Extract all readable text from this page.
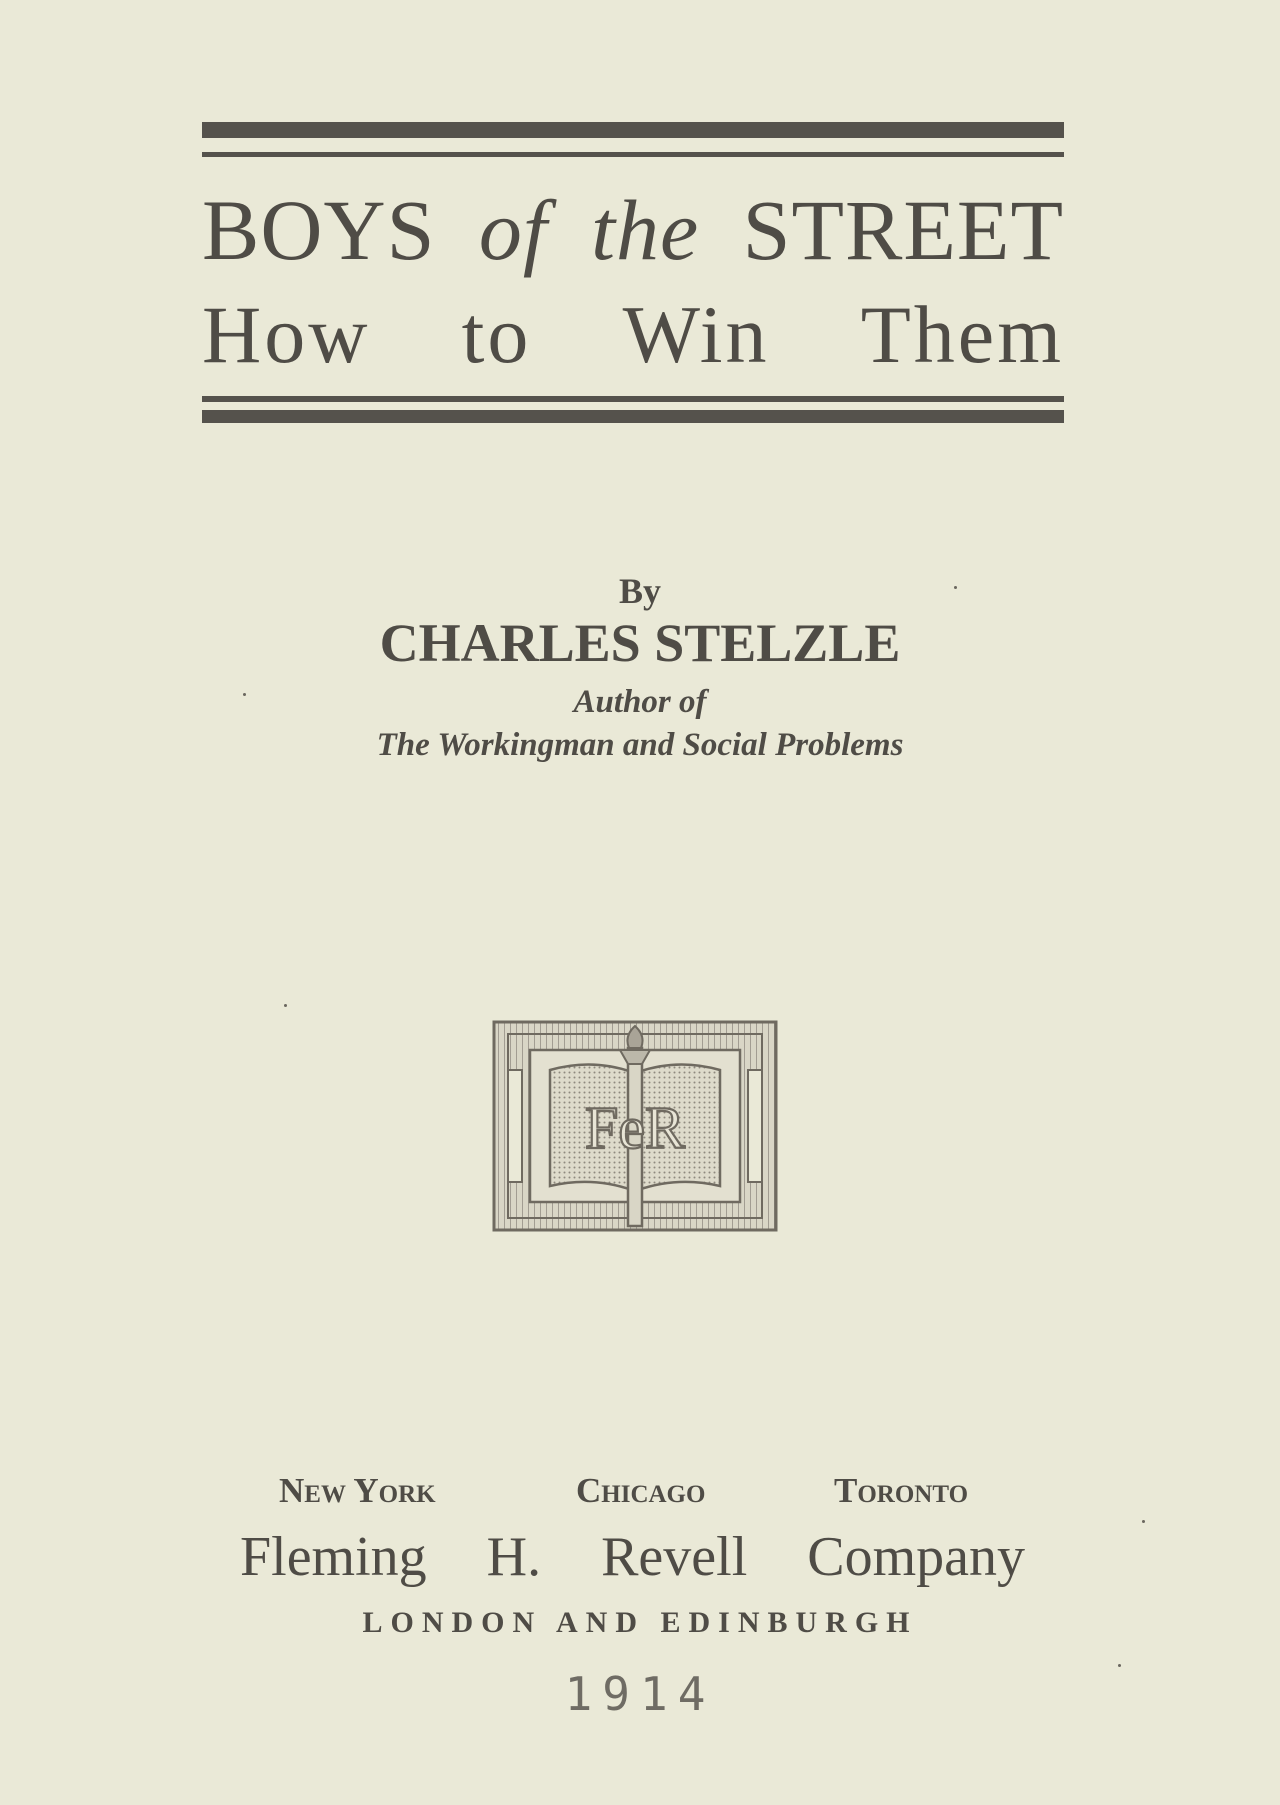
BOYS of the STREET
How to Win Them
By
CHARLES STELZLE
Author of
The Workingman and Social Problems
FeR
New York	Chicago	Toronto
Fleming H. Revell Company
LONDON AND EDINBURGH
1914
